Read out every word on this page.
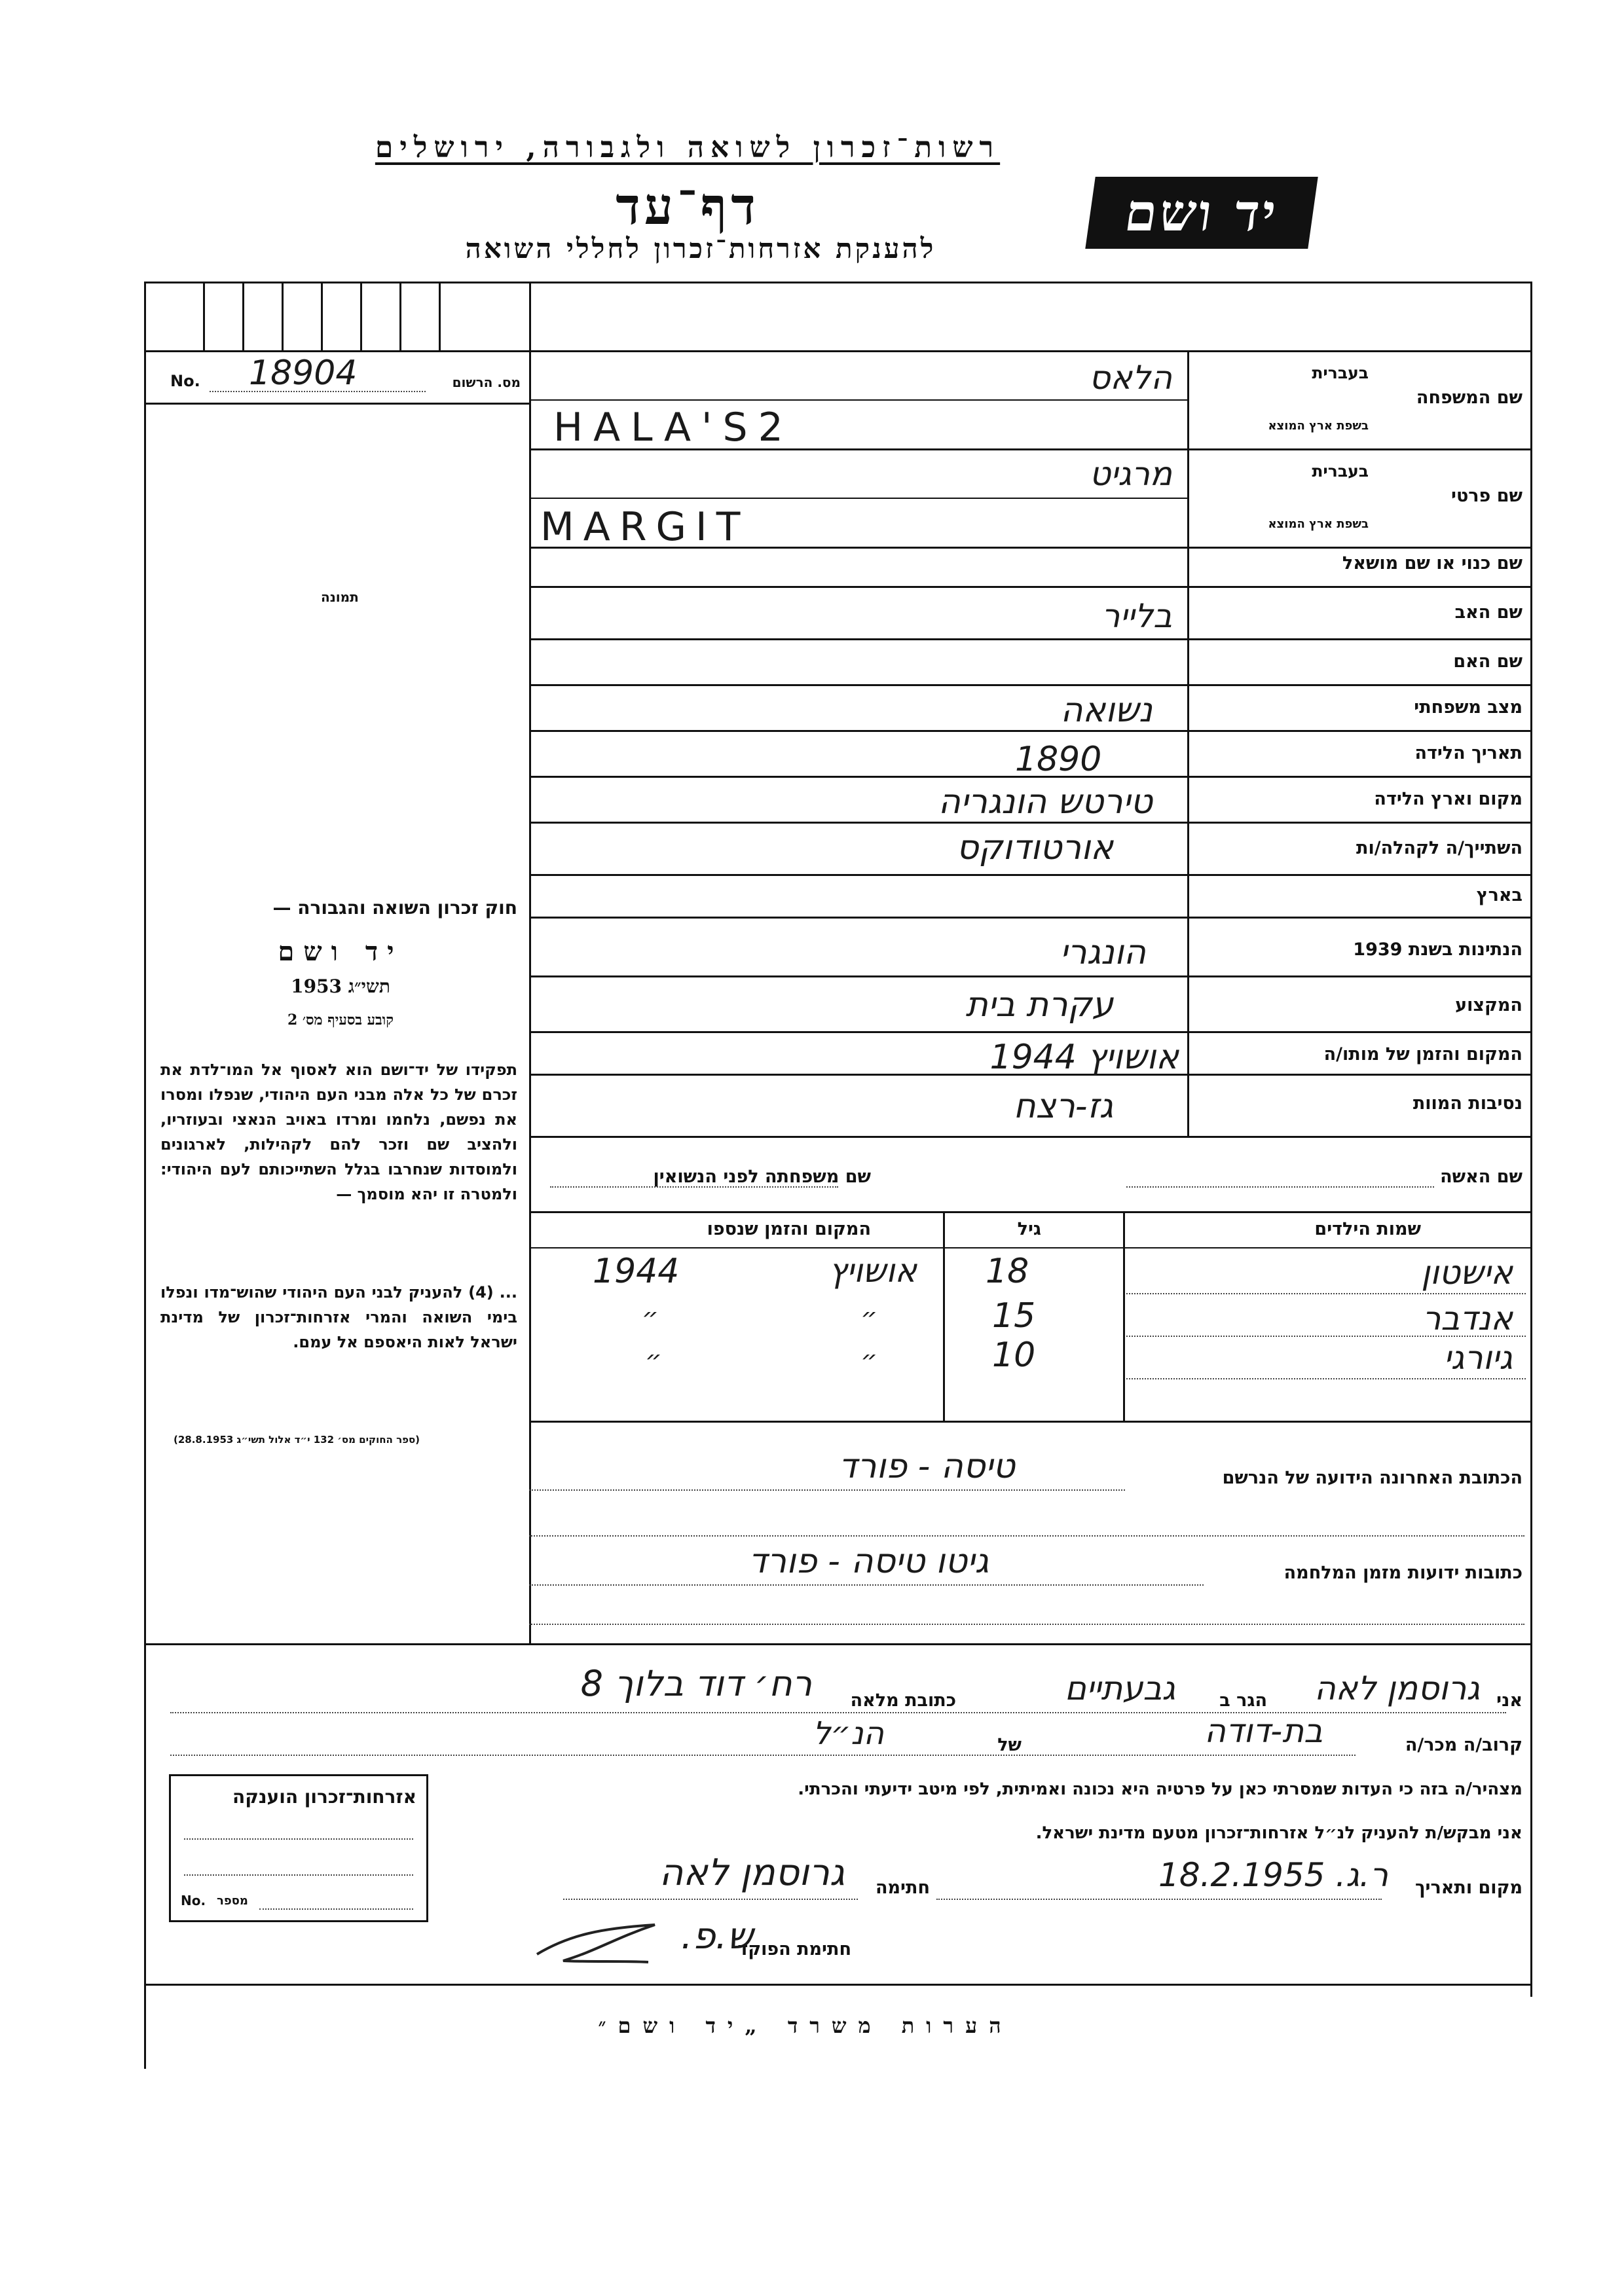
רשות־זכרון לשואה ולגבורה, ירושלים
דף־עד
להענקת אזרחות־זכרון לחללי השואה
יד ושם
No. 18904	מס. הרשום
תמונה
חוק זכרון השואה והגבורה —
יד ושם
תשי״ג 1953
קובע בסעיף מס׳ 2
תפקידו של יד־ושם הוא לאסוף אל המו־לדת את זכרם של כל אלה מבני העם היהודי, שנפלו ומסרו את נפשם, נלחמו ומרדו באויב הנאצי ובעוזריו, ולהציב שם וזכר להם לקהילות, לארגונים ולמוסדות שנחרבו בגלל השתייכותם לעם היהודי: ולמטרה זו יהא מוסמך —
... (4) להעניק לבני העם היהודי שהוש־מדו ונפלו בימי השואה והמרי אזרחות־זכרון של מדינת ישראל לאות היאספם אל עמם.
(ספר החוקים מס׳ 132 י״ד אלול תשי״ג 28.8.1953)
שם המשפחה
בעברית
בשפת ארץ המוצא
שם פרטי
בעברית
בשפת ארץ המוצא
שם כנוי או שם מושאל
שם האב
שם האם
מצב משפחתי
תאריך הלידה
מקום וארץ הלידה
השתייך/ה לקהלה/ות
בארץ
הנתינות בשנת 1939
המקצוע
המקום והזמן של מותו/ה
נסיבות המוות
הלאס
HALA'S2
מרגיט
MARGIT
בלייר
נשואה
1890
טירטש הונגריה
אורטודוקס
הונגרי
עקרת בית
אושויץ 1944
גז-רצח
שם האשה
שם משפחתה לפני הנשואין
שמות הילדים
גיל
המקום והזמן שנספו
אישטון
18
אושויץ
1944
אנדבר
15
״
״
גיורגי
10
״
״
הכתובת האחרונה הידועה של הנרשם
טיסה - פורד
כתובות ידועות מזמן המלחמה
גיטו טיסה - פורד
אני
גרוסמן לאה
הגר ב
גבעתיים
כתובת מלאה
רח׳ דוד בלוך 8
קרוב/ה מכר/ה
בת-דודה
של
הנ״ל
מצהיר/ה בזה כי העדות שמסרתי כאן על פרטיה היא נכונה ואמיתית, לפי מיטב ידיעתי והכרתי.
אני מבקש/ת להעניק לנ״ל אזרחות־זכרון מטעם מדינת ישראל.
מקום ותאריך
ר.ג. 18.2.1955
חתימה
גרוסמן לאה
חתימת הפוקד
ש.פ.
אזרחות־זכרון הוענקה
No. מספר
הערות משרד „יד ושם״
